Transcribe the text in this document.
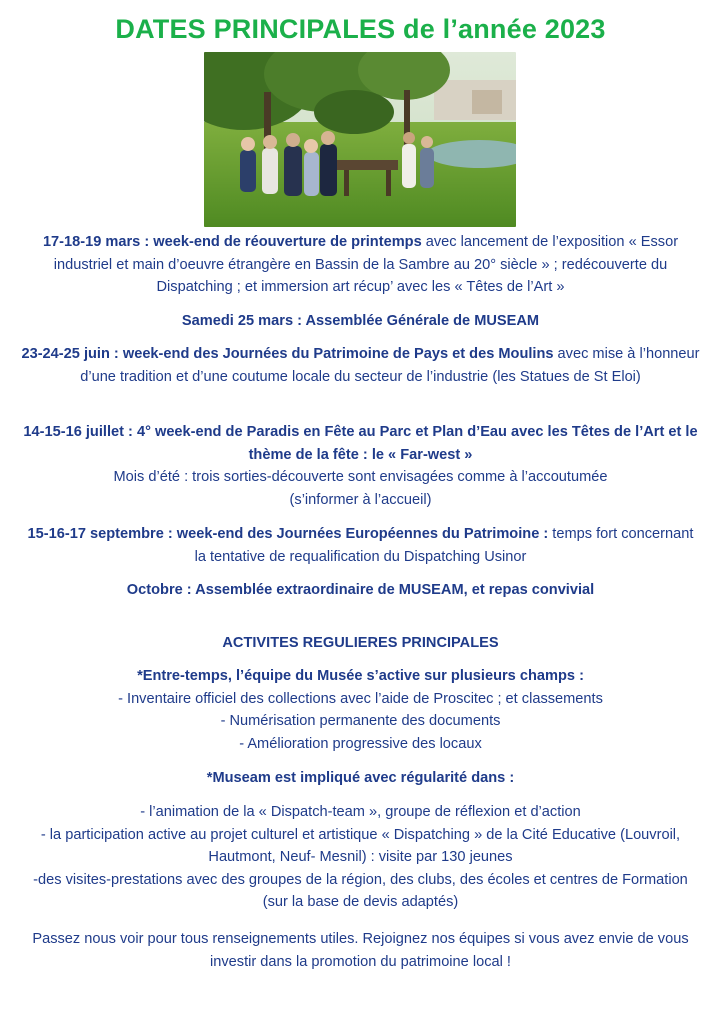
DATES PRINCIPALES de l’année 2023
17-18-19 mars : week-end de réouverture de printemps avec lancement de l’exposition « Essor industriel et main d’oeuvre étrangère en Bassin de la Sambre au 20° siècle » ; redécouverte du Dispatching ; et immersion art récup’ avec les « Têtes de l’Art »
Samedi 25 mars : Assemblée Générale de MUSEAM
23-24-25 juin : week-end des Journées du Patrimoine de Pays et des Moulins avec mise à l’honneur d’une tradition et d’une coutume locale du secteur de l’industrie (les Statues de St Eloi)
14-15-16 juillet : 4° week-end de Paradis en Fête au Parc et Plan d’Eau avec les Têtes de l’Art et le thème de la fête : le « Far-west »
Mois d’été : trois sorties-découverte sont envisagées comme à l’accoutumée
(s’informer à l’accueil)
15-16-17 septembre : week-end des Journées Européennes du Patrimoine : temps fort concernant la tentative de requalification du Dispatching Usinor
Octobre : Assemblée extraordinaire de MUSEAM, et repas convivial
ACTIVITES REGULIERES PRINCIPALES
*Entre-temps, l’équipe du Musée s’active sur plusieurs champs :
- Inventaire officiel des collections avec l’aide de Proscitec ; et classements
- Numérisation permanente des documents
- Amélioration progressive des locaux
*Museam est impliqué avec régularité dans :
- l’animation de la « Dispatch-team », groupe de réflexion et d’action
- la participation active au projet culturel et artistique « Dispatching » de la Cité Educative (Louvroil, Hautmont, Neuf- Mesnil) : visite par 130 jeunes
-des visites-prestations avec des groupes de la région, des clubs, des écoles et centres de Formation (sur la base de devis adaptés)
Passez nous voir pour tous renseignements utiles. Rejoignez nos équipes si vous avez envie de vous investir dans la promotion du patrimoine local !
